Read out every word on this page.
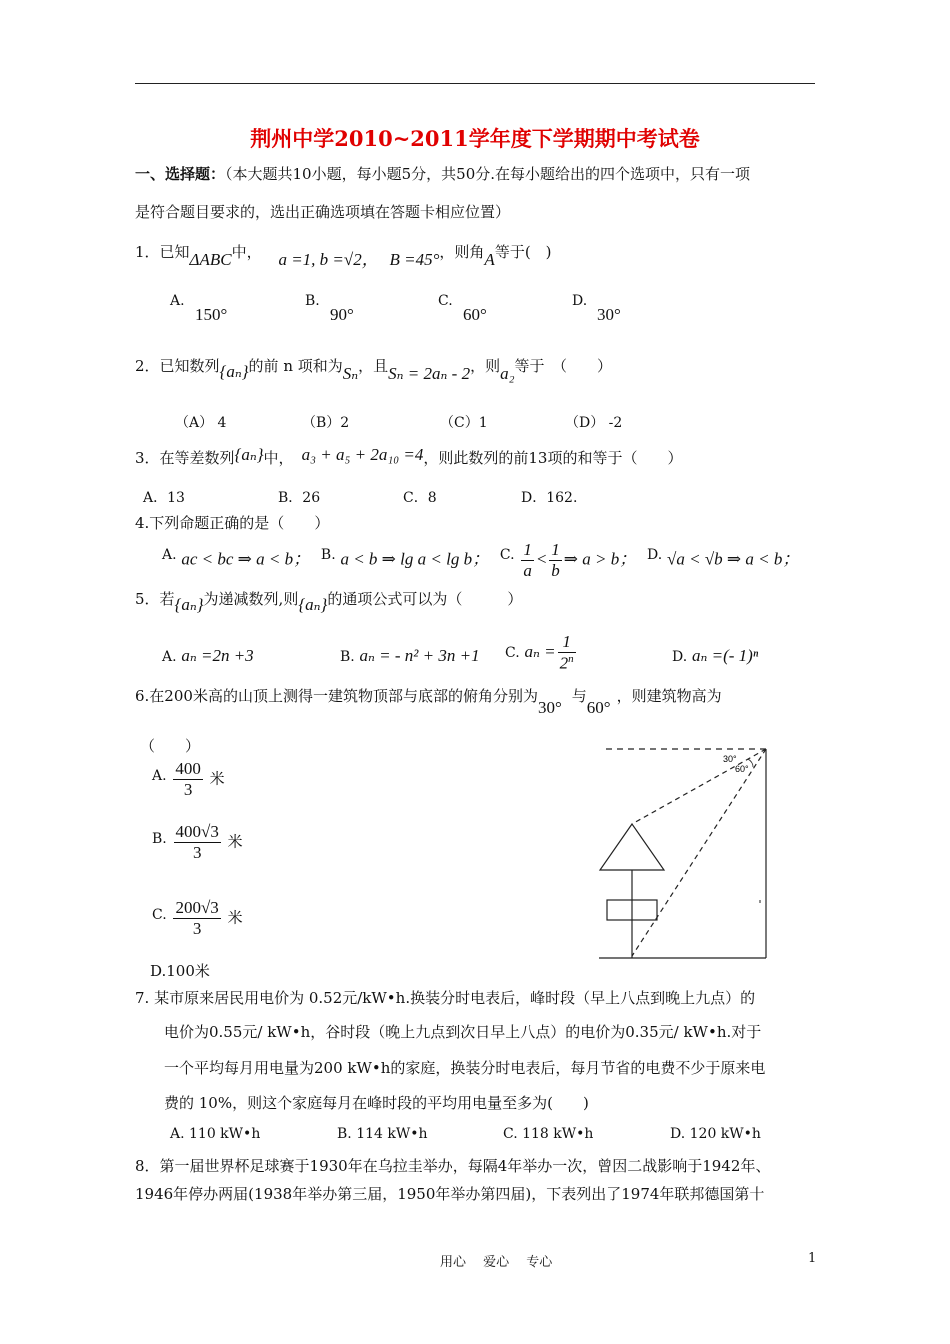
荆州中学2010~2011学年度下学期期中考试卷
一、选择题：（本大题共10小题，每小题5分，共50分.在每小题给出的四个选项中，只有一项
是符合题目要求的，选出正确选项填在答题卡相应位置）
1．已知ΔABC中， a =1, b =√2， B =45°，则角A等于(　)
A.
150°
B.
90°
C.
60°
D.
30°
2．已知数列{aₙ}的前 n 项和为Sₙ，且Sₙ = 2aₙ - 2，则a₂等于　（　　）
（A） 4	（B）2	（C）1	（D） -2
3．在等差数列{aₙ}中， a₃ + a₅ + 2a₁₀ =4，则此数列的前13项的和等于（　　）
A．13	B．26	C．8	D．162.
4.下列命题正确的是（　　）
A. ac < bc ⇒ a < b； B. a < b ⇒ lg a < lg b； C. $\frac{1}{a} < \frac{1}{b}$ ⇒ a > b； D. √a < √b ⇒ a < b；
5．若{aₙ}为递减数列,则{aₙ}的通项公式可以为（　　　）
A. aₙ =2n +3	B. aₙ = - n² + 3n +1 C. $a_n = \frac{1}{2^n}$	D. aₙ =(- 1)ⁿ
6.在200米高的山顶上测得一建筑物顶部与底部的俯角分别为30°与60°，则建筑物高为
（　　）
A. $\frac{400}{3}$ 米
B. $\frac{400√3}{3}$ 米
C. $\frac{200√3}{3}$ 米
D.100米
30°
60°
7. 某市原来居民用电价为 0.52元/kW•h.换装分时电表后，峰时段（早上八点到晚上九点）的
电价为0.55元/ kW•h，谷时段（晚上九点到次日早上八点）的电价为0.35元/ kW•h.对于
一个平均每月用电量为200 kW•h的家庭，换装分时电表后，每月节省的电费不少于原来电
费的 10%，则这个家庭每月在峰时段的平均用电量至多为(　　)
A. 110 kW•h	B. 114 kW•h	C. 118 kW•h	D. 120 kW•h
8．第一届世界杯足球赛于1930年在乌拉圭举办，每隔4年举办一次，曾因二战影响于1942年、
1946年停办两届(1938年举办第三届，1950年举办第四届)，下表列出了1974年联邦德国第十
用心　 爱心　 专心	1
